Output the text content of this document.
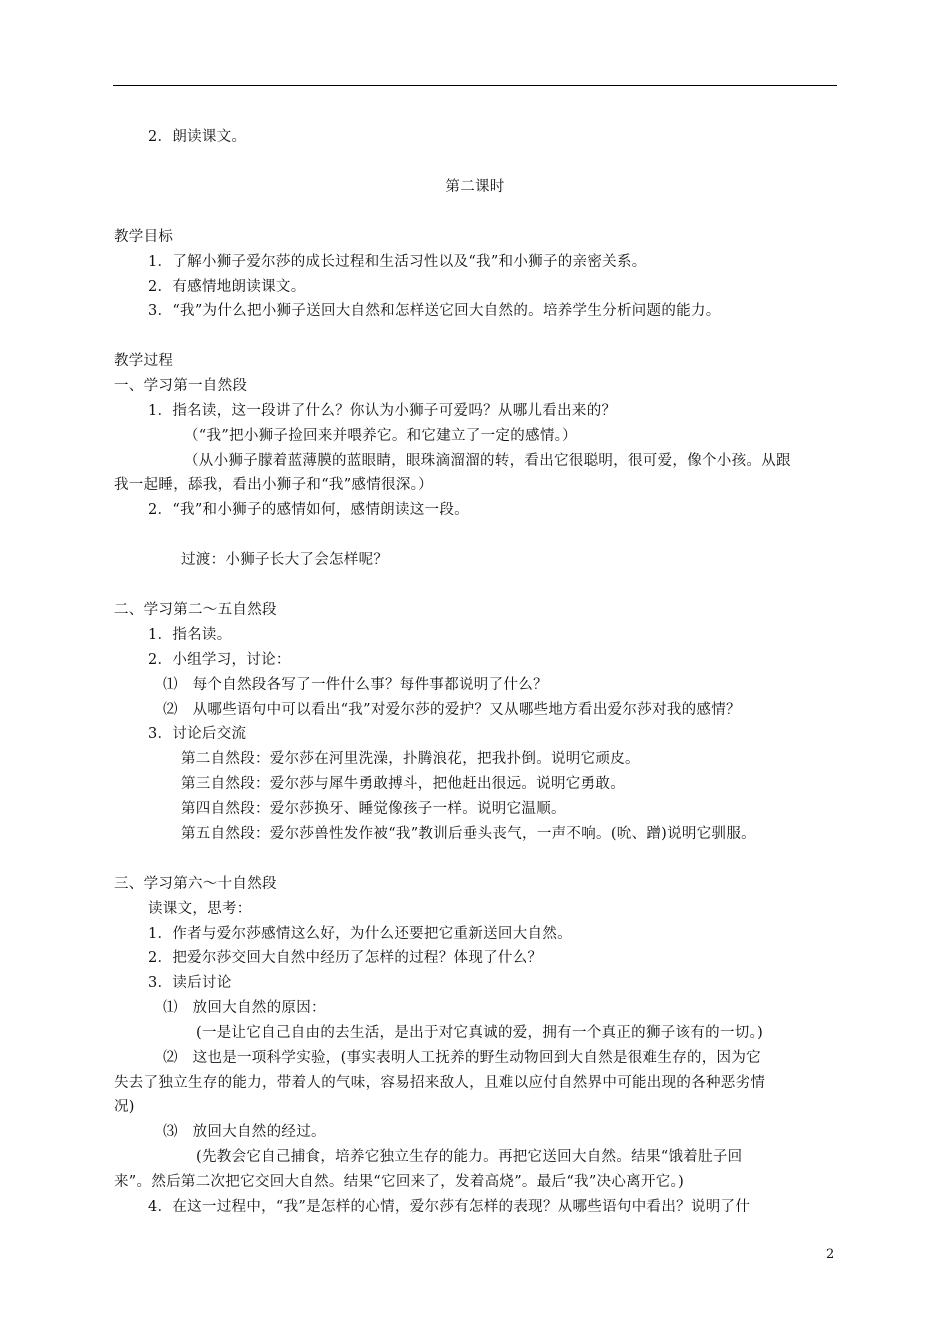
2．朗读课文。
第二课时
教学目标
1．了解小狮子爱尔莎的成长过程和生活习性以及“我”和小狮子的亲密关系。
2．有感情地朗读课文。
3．“我”为什么把小狮子送回大自然和怎样送它回大自然的。培养学生分析问题的能力。
教学过程
一、学习第一自然段
1．指名读，这一段讲了什么？你认为小狮子可爱吗？从哪儿看出来的？
（“我”把小狮子捡回来并喂养它。和它建立了一定的感情。）
（从小狮子朦着蓝薄膜的蓝眼睛，眼珠滴溜溜的转，看出它很聪明，很可爱，像个小孩。从跟
我一起睡，舔我，看出小狮子和“我”感情很深。）
2．“我”和小狮子的感情如何，感情朗读这一段。
过渡：小狮子长大了会怎样呢？
二、学习第二～五自然段
1．指名读。
2．小组学习，讨论：
⑴　每个自然段各写了一件什么事？每件事都说明了什么？
⑵　从哪些语句中可以看出“我”对爱尔莎的爱护？又从哪些地方看出爱尔莎对我的感情？
3．讨论后交流
第二自然段：爱尔莎在河里洗澡，扑腾浪花，把我扑倒。说明它顽皮。
第三自然段：爱尔莎与犀牛勇敢搏斗，把他赶出很远。说明它勇敢。
第四自然段：爱尔莎换牙、睡觉像孩子一样。说明它温顺。
第五自然段：爱尔莎兽性发作被“我”教训后垂头丧气，一声不响。(吮、蹭)说明它驯服。
三、学习第六～十自然段
读课文，思考：
1．作者与爱尔莎感情这么好，为什么还要把它重新送回大自然。
2．把爱尔莎交回大自然中经历了怎样的过程？体现了什么？
3．读后讨论
⑴　放回大自然的原因：
(一是让它自己自由的去生活，是出于对它真诚的爱，拥有一个真正的狮子该有的一切。)
⑵　这也是一项科学实验，(事实表明人工抚养的野生动物回到大自然是很难生存的，因为它
失去了独立生存的能力，带着人的气味，容易招来敌人，且难以应付自然界中可能出现的各种恶劣情
况)
⑶　放回大自然的经过。
(先教会它自己捕食，培养它独立生存的能力。再把它送回大自然。结果“饿着肚子回
来”。然后第二次把它交回大自然。结果“它回来了，发着高烧”。最后“我”决心离开它。)
4．在这一过程中，“我”是怎样的心情，爱尔莎有怎样的表现？从哪些语句中看出？说明了什
2
